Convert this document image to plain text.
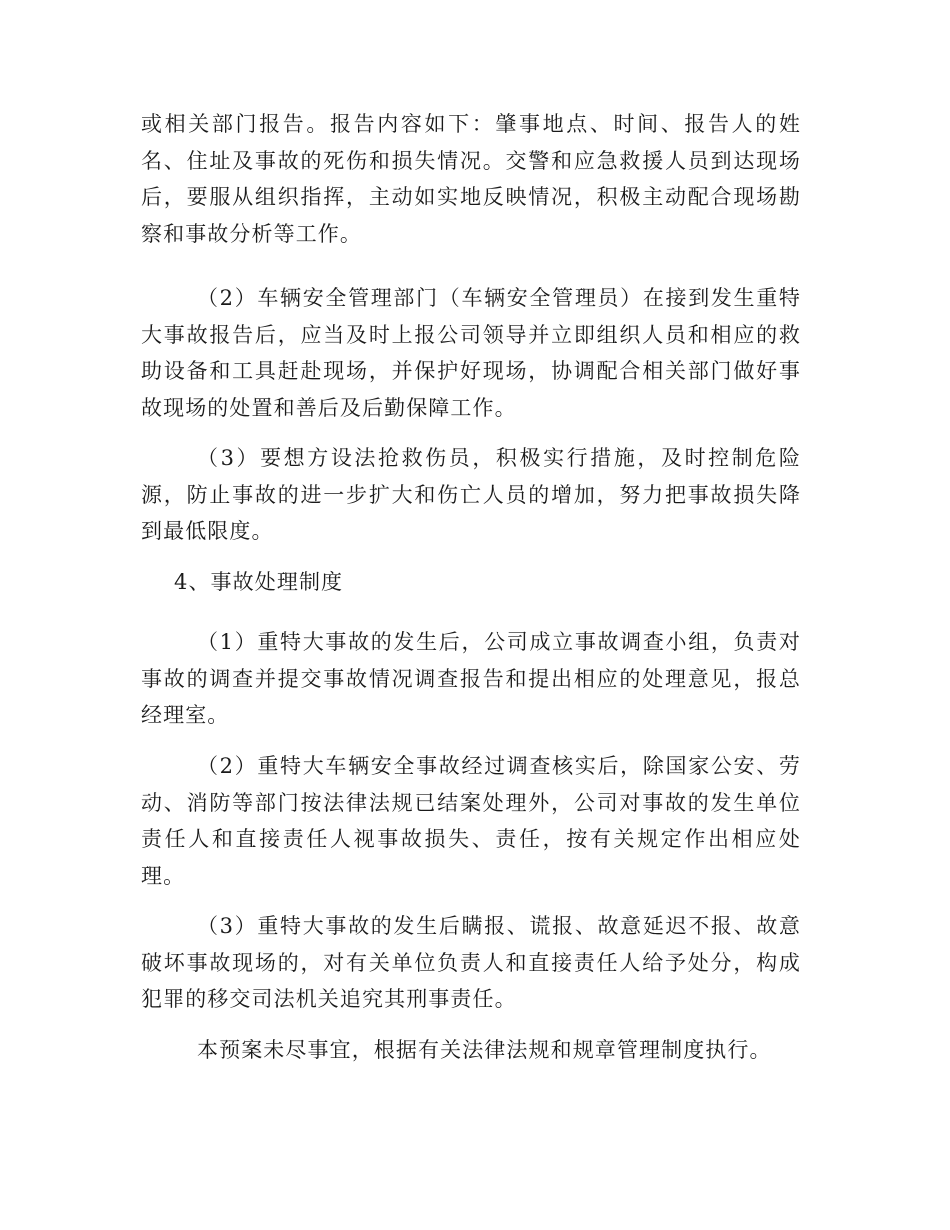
或相关部门报告。报告内容如下：肇事地点、时间、报告人的姓名、住址及事故的死伤和损失情况。交警和应急救援人员到达现场后，要服从组织指挥，主动如实地反映情况，积极主动配合现场勘察和事故分析等工作。

（2）车辆安全管理部门（车辆安全管理员）在接到发生重特大事故报告后，应当及时上报公司领导并立即组织人员和相应的救助设备和工具赶赴现场，并保护好现场，协调配合相关部门做好事故现场的处置和善后及后勤保障工作。

（3）要想方设法抢救伤员，积极实行措施，及时控制危险源，防止事故的进一步扩大和伤亡人员的增加，努力把事故损失降到最低限度。

4、事故处理制度

（1）重特大事故的发生后，公司成立事故调查小组，负责对事故的调查并提交事故情况调查报告和提出相应的处理意见，报总经理室。

（2）重特大车辆安全事故经过调查核实后，除国家公安、劳动、消防等部门按法律法规已结案处理外，公司对事故的发生单位责任人和直接责任人视事故损失、责任，按有关规定作出相应处理。

（3）重特大事故的发生后瞒报、谎报、故意延迟不报、故意破坏事故现场的，对有关单位负责人和直接责任人给予处分，构成犯罪的移交司法机关追究其刑事责任。

本预案未尽事宜，根据有关法律法规和规章管理制度执行。
